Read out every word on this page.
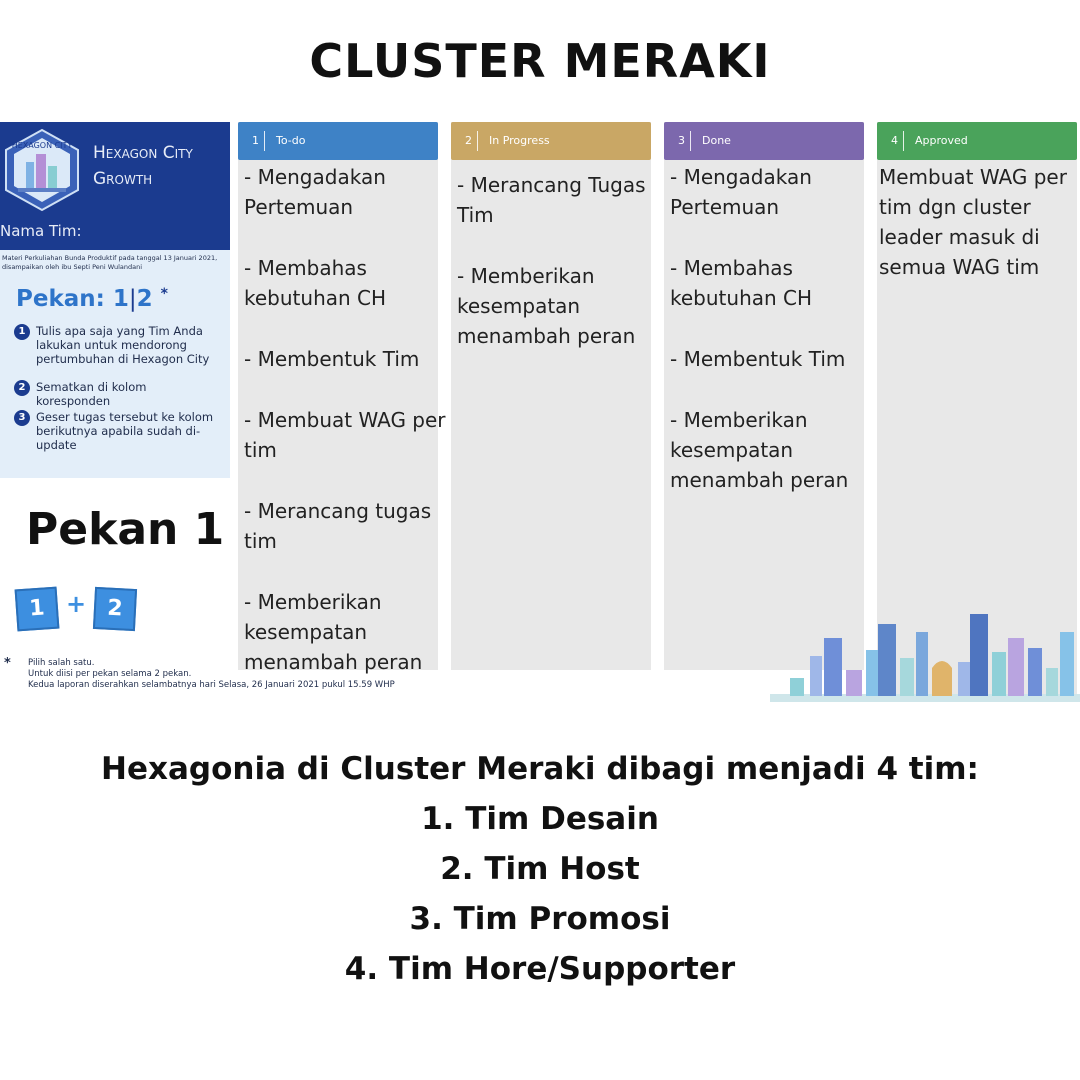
CLUSTER MERAKI
HEXAGON CITY Hexagon City Growth
Nama Tim:
Materi Perkuliahan Bunda Produktif pada tanggal 13 Januari 2021, disampaikan oleh ibu Septi Peni Wulandani
Pekan: 1|2 *
1 Tulis apa saja yang Tim Anda lakukan untuk mendorong pertumbuhan di Hexagon City
2 Sematkan di kolom koresponden
3 Geser tugas tersebut ke kolom berikutnya apabila sudah di-update
Pekan 1
1 + 2
1 To-do

- Mengadakan Pertemuan

- Membahas kebutuhan CH

- Membentuk Tim

- Membuat WAG per tim

- Merancang tugas tim

- Memberikan kesempatan menambah peran

2 In Progress

- Merancang Tugas Tim

- Memberikan kesempatan menambah peran

3 Done

- Mengadakan Pertemuan

- Membahas kebutuhan CH

- Membentuk Tim

- Memberikan kesempatan menambah peran

4 Approved

Membuat WAG per tim dgn cluster leader masuk di semua WAG tim

* Pilih salah satu.
Untuk diisi per pekan selama 2 pekan.
Kedua laporan diserahkan selambatnya hari Selasa, 26 Januari 2021 pukul 15.59 WHP
Hexagonia di Cluster Meraki dibagi menjadi 4 tim:
1. Tim Desain
2. Tim Host
3. Tim Promosi
4. Tim Hore/Supporter
